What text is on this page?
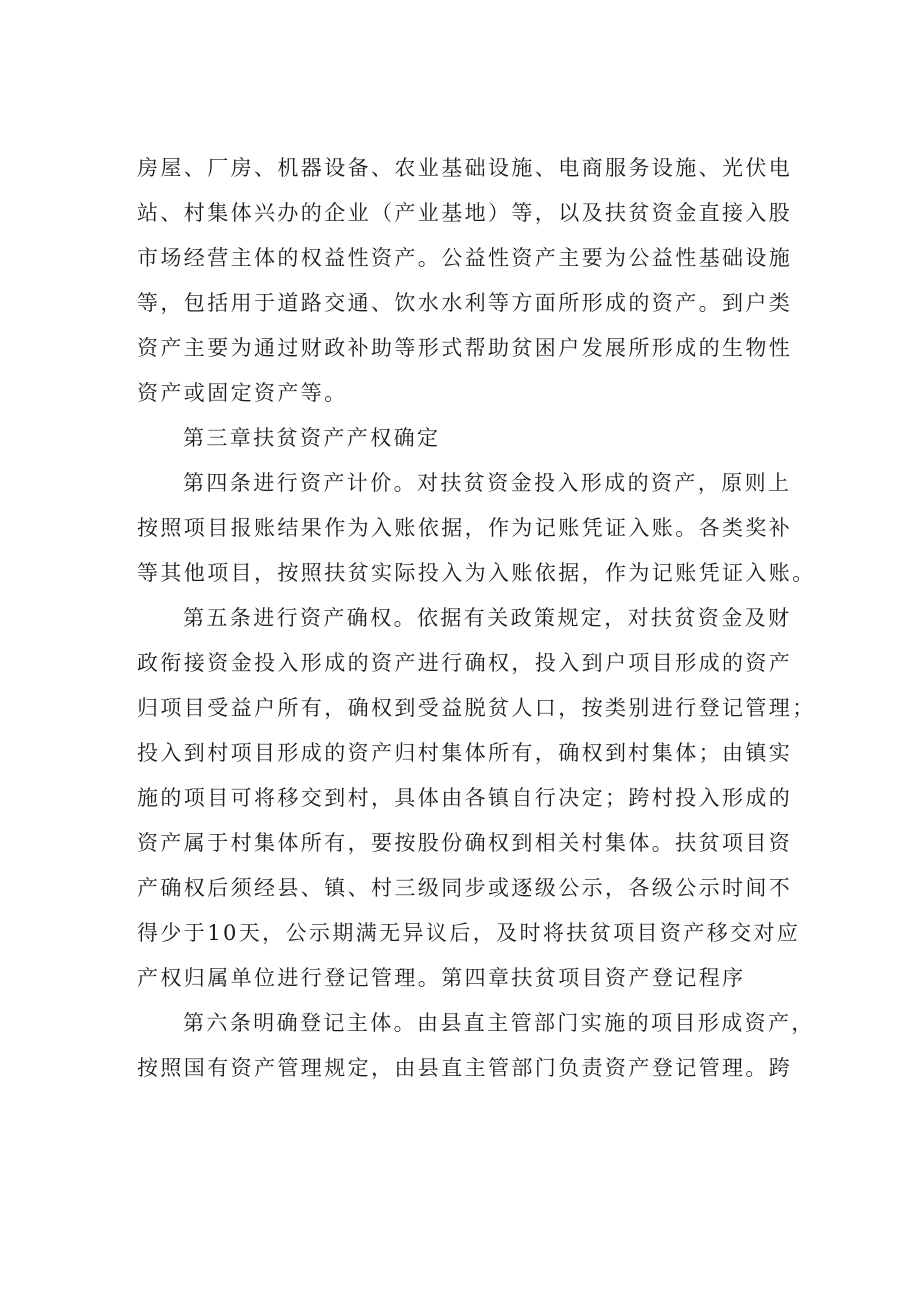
房屋、厂房、机器设备、农业基础设施、电商服务设施、光伏电
站、村集体兴办的企业（产业基地）等，以及扶贫资金直接入股
市场经营主体的权益性资产。公益性资产主要为公益性基础设施
等，包括用于道路交通、饮水水利等方面所形成的资产。到户类
资产主要为通过财政补助等形式帮助贫困户发展所形成的生物性
资产或固定资产等。
第三章扶贫资产产权确定
第四条进行资产计价。对扶贫资金投入形成的资产，原则上
按照项目报账结果作为入账依据，作为记账凭证入账。各类奖补
等其他项目，按照扶贫实际投入为入账依据，作为记账凭证入账。
第五条进行资产确权。依据有关政策规定，对扶贫资金及财
政衔接资金投入形成的资产进行确权，投入到户项目形成的资产
归项目受益户所有，确权到受益脱贫人口，按类别进行登记管理；
投入到村项目形成的资产归村集体所有，确权到村集体；由镇实
施的项目可将移交到村，具体由各镇自行决定；跨村投入形成的
资产属于村集体所有，要按股份确权到相关村集体。扶贫项目资
产确权后须经县、镇、村三级同步或逐级公示，各级公示时间不
得少于10天，公示期满无异议后，及时将扶贫项目资产移交对应
产权归属单位进行登记管理。第四章扶贫项目资产登记程序
第六条明确登记主体。由县直主管部门实施的项目形成资产，
按照国有资产管理规定，由县直主管部门负责资产登记管理。跨
